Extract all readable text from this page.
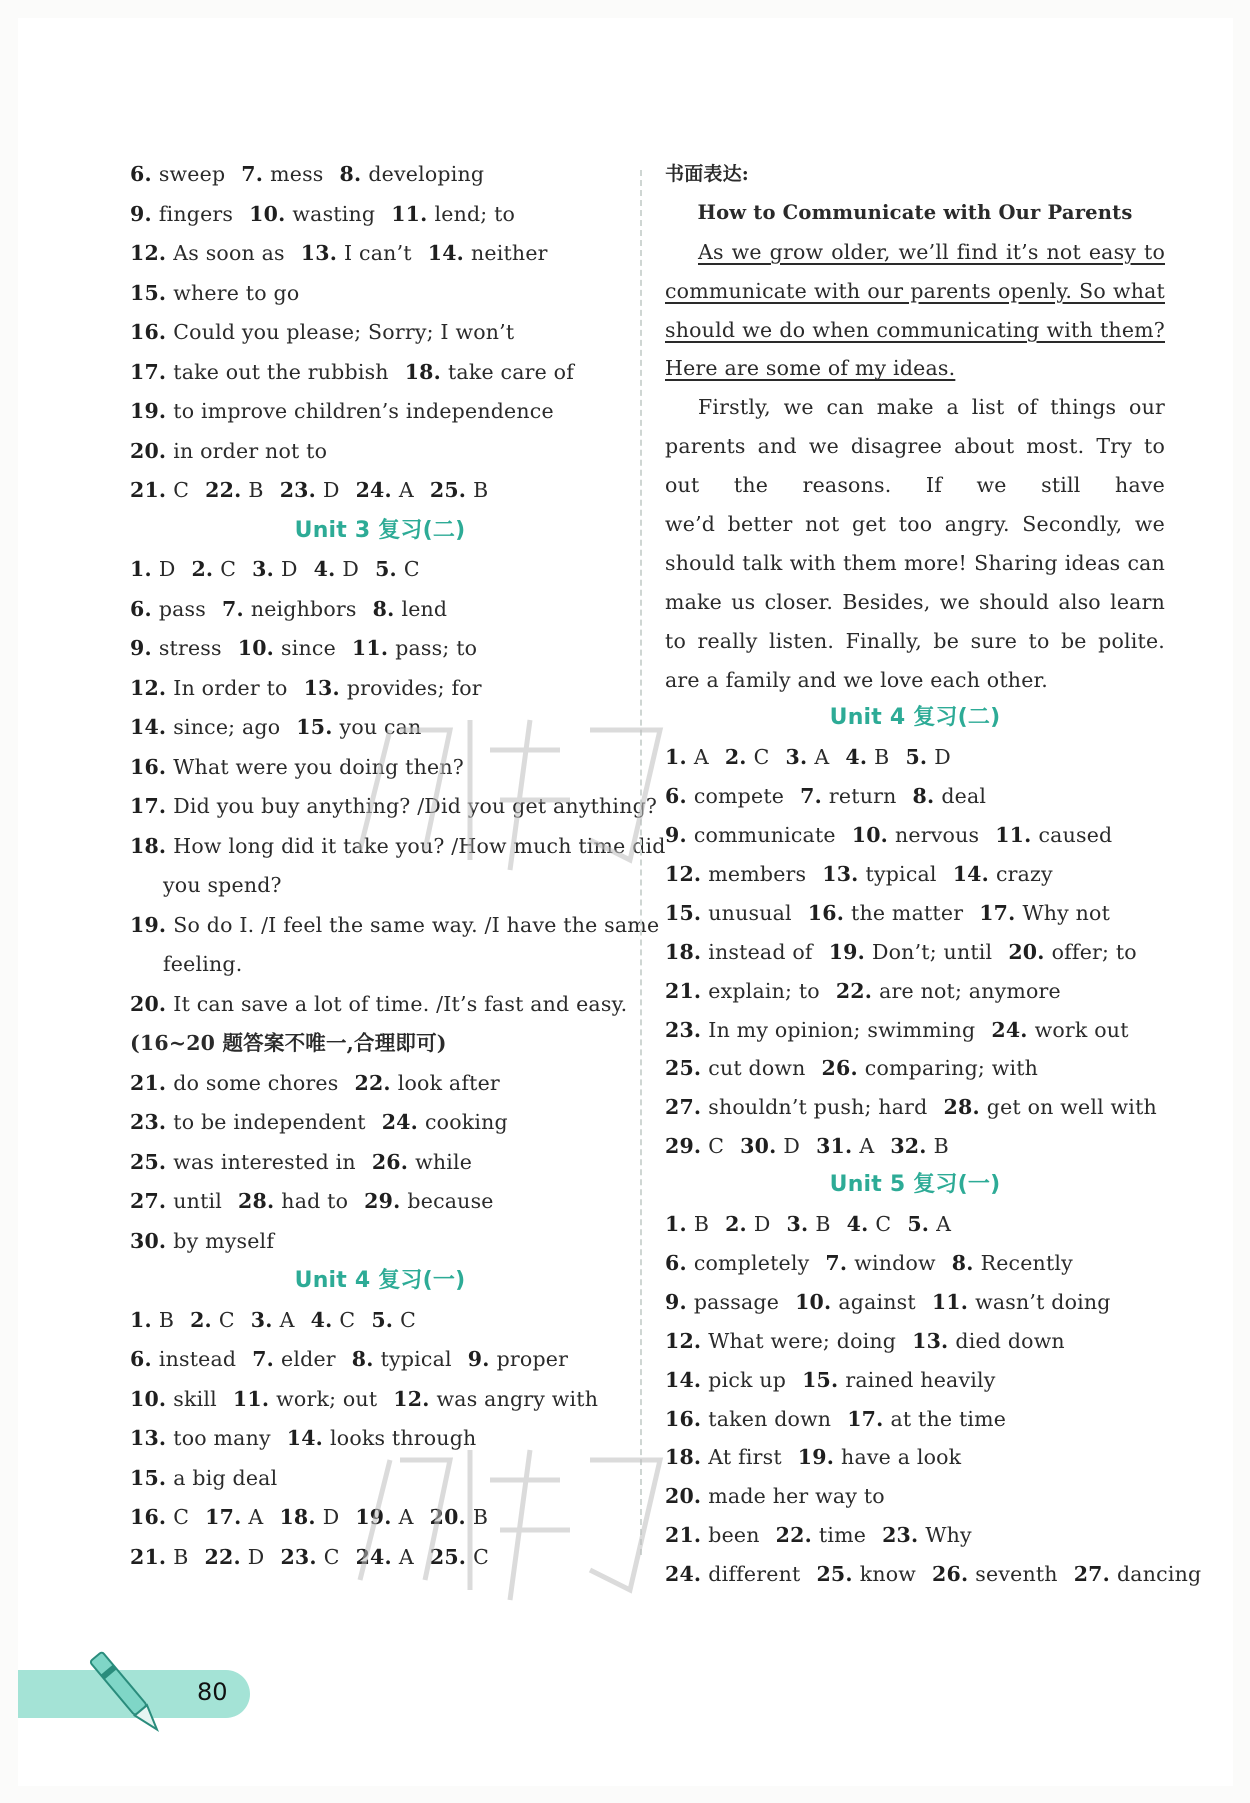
6. sweep 7. mess 8. developing
9. fingers 10. wasting 11. lend; to
12. As soon as 13. I can’t 14. neither
15. where to go
16. Could you please; Sorry; I won’t
17. take out the rubbish 18. take care of
19. to improve children’s independence
20. in order not to
21. C 22. B 23. D 24. A 25. B
Unit 3 复习(二)
1. D 2. C 3. D 4. D 5. C
6. pass 7. neighbors 8. lend
9. stress 10. since 11. pass; to
12. In order to 13. provides; for
14. since; ago 15. you can
16. What were you doing then?
17. Did you buy anything? /Did you get anything?
18. How long did it take you? /How much time did
you spend?
19. So do I. /I feel the same way. /I have the same
feeling.
20. It can save a lot of time. /It’s fast and easy.
(16~20 题答案不唯一,合理即可)
21. do some chores 22. look after
23. to be independent 24. cooking
25. was interested in 26. while
27. until 28. had to 29. because
30. by myself
Unit 4 复习(一)
1. B 2. C 3. A 4. C 5. C
6. instead 7. elder 8. typical 9. proper
10. skill 11. work; out 12. was angry with
13. too many 14. looks through
15. a big deal
16. C 17. A 18. D 19. A 20. B
21. B 22. D 23. C 24. A 25. C
书面表达:
How to Communicate with Our Parents
As we grow older, we’ll find it’s not easy to
communicate with our parents openly. So what
should we do when communicating with them?
Here are some of my ideas.
Firstly, we can make a list of things our
parents and we disagree about most. Try to
out the reasons. If we still have
we’d better not get too angry. Secondly, we
should talk with them more! Sharing ideas can
make us closer. Besides, we should also learn
to really listen. Finally, be sure to be polite.
are a family and we love each other.
Unit 4 复习(二)
1. A 2. C 3. A 4. B 5. D
6. compete 7. return 8. deal
9. communicate 10. nervous 11. caused
12. members 13. typical 14. crazy
15. unusual 16. the matter 17. Why not
18. instead of 19. Don’t; until 20. offer; to
21. explain; to 22. are not; anymore
23. In my opinion; swimming 24. work out
25. cut down 26. comparing; with
27. shouldn’t push; hard 28. get on well with
29. C 30. D 31. A 32. B
Unit 5 复习(一)
1. B 2. D 3. B 4. C 5. A
6. completely 7. window 8. Recently
9. passage 10. against 11. wasn’t doing
12. What were; doing 13. died down
14. pick up 15. rained heavily
16. taken down 17. at the time
18. At first 19. have a look
20. made her way to
21. been 22. time 23. Why
24. different 25. know 26. seventh 27. dancing
80
